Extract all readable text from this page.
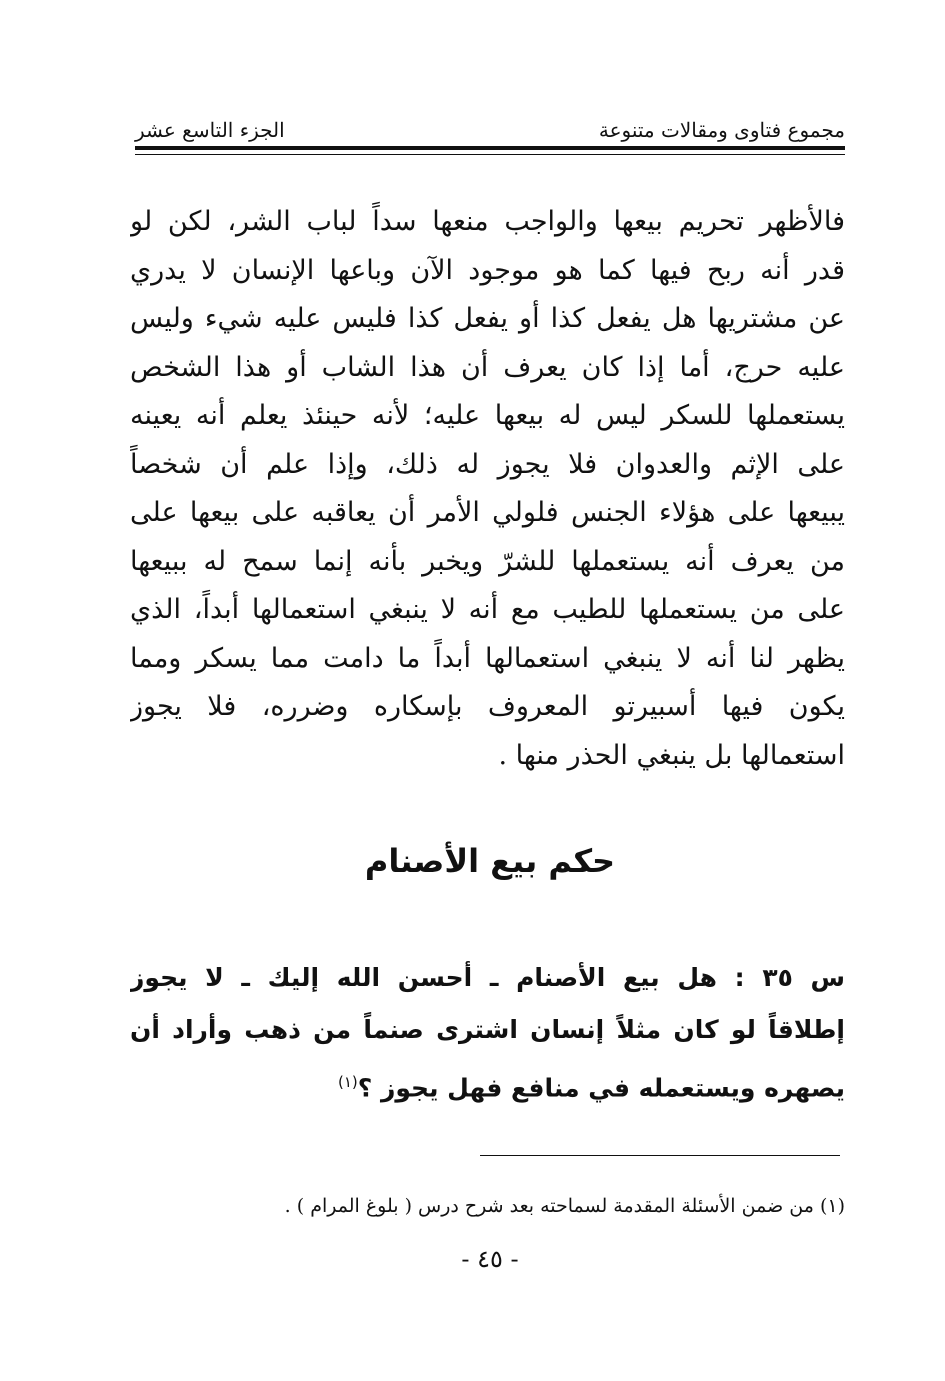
مجموع فتاوى ومقالات متنوعة
الجزء التاسع عشر
فالأظهر تحريم بيعها والواجب منعها سداً لباب الشر، لكن لو
قدر أنه ربح فيها كما هو موجود الآن وباعها الإنسان لا يدري
عن مشتريها هل يفعل كذا أو يفعل كذا فليس عليه شيء وليس
عليه حرج، أما إذا كان يعرف أن هذا الشاب أو هذا الشخص
يستعملها للسكر ليس له بيعها عليه؛ لأنه حينئذ يعلم أنه يعينه
على الإثم والعدوان فلا يجوز له ذلك، وإذا علم أن شخصاً
يبيعها على هؤلاء الجنس فلولي الأمر أن يعاقبه على بيعها على
من يعرف أنه يستعملها للشرّ ويخبر بأنه إنما سمح له ببيعها
على من يستعملها للطيب مع أنه لا ينبغي استعمالها أبداً، الذي
يظهر لنا أنه لا ينبغي استعمالها أبداً ما دامت مما يسكر ومما
يكون فيها أسبيرتو المعروف بإسكاره وضرره، فلا يجوز
استعمالها بل ينبغي الحذر منها .
حكم بيع الأصنام
س ٣٥ : هل بيع الأصنام ـ أحسن الله إليك ـ لا يجوز
إطلاقاً لو كان مثلاً إنسان اشترى صنماً من ذهب وأراد أن
يصهره ويستعمله في منافع فهل يجوز ؟$^{(١)}$
(١) من ضمن الأسئلة المقدمة لسماحته بعد شرح درس ( بلوغ المرام ) .
- ٤٥ -
